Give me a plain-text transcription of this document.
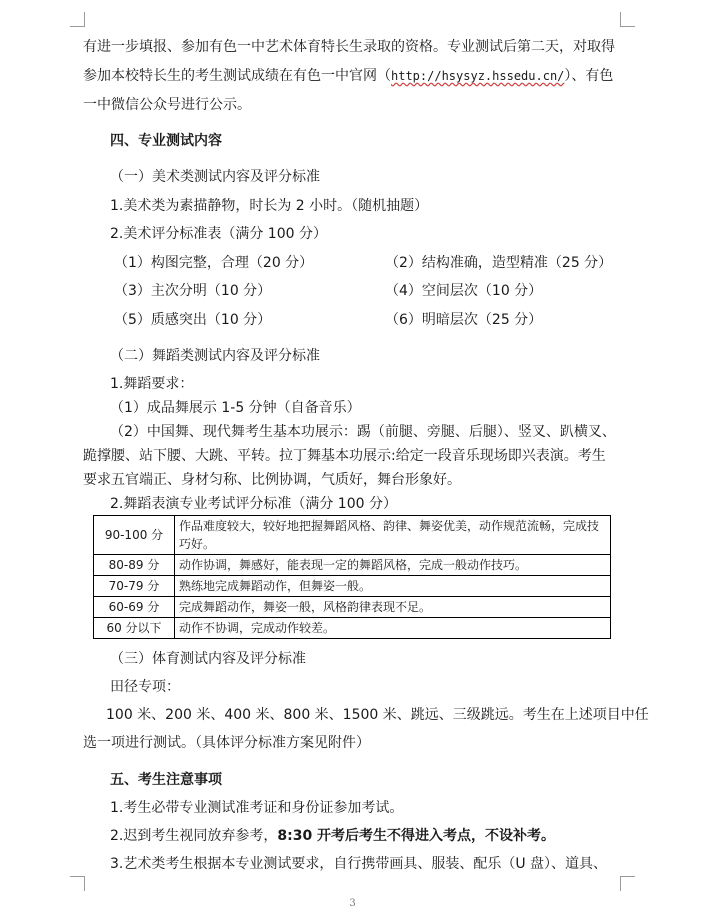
有进一步填报、参加有色一中艺术体育特长生录取的资格。专业测试后第二天，对取得
参加本校特长生的考生测试成绩在有色一中官网（http://hsysyz.hssedu.cn/）、有色
一中微信公众号进行公示。
四、专业测试内容
（一）美术类测试内容及评分标准
1.美术类为素描静物，时长为 2 小时。（随机抽题）
2.美术评分标准表（满分 100 分）
（1）构图完整，合理（20 分）	（2）结构准确，造型精准（25 分）
（3）主次分明（10 分）	（4）空间层次（10 分）
（5）质感突出（10 分）	（6）明暗层次（25 分）
（二）舞蹈类测试内容及评分标准
1.舞蹈要求：
（1）成品舞展示 1-5 分钟（自备音乐）
（2）中国舞、现代舞考生基本功展示：踢（前腿、旁腿、后腿）、竖叉、趴横叉、
跪撑腰、站下腰、大跳、平转。拉丁舞基本功展示:给定一段音乐现场即兴表演。考生
要求五官端正、身材匀称、比例协调，气质好，舞台形象好。
2.舞蹈表演专业考试评分标准（满分 100 分）
90-100 分	作品难度较大，较好地把握舞蹈风格、韵律、舞姿优美，动作规范流畅，完成技巧好。
80-89 分	动作协调，舞感好，能表现一定的舞蹈风格，完成一般动作技巧。
70-79 分	熟练地完成舞蹈动作，但舞姿一般。
60-69 分	完成舞蹈动作，舞姿一般，风格韵律表现不足。
60 分以下	动作不协调，完成动作较差。
（三）体育测试内容及评分标准
田径专项：
100 米、200 米、400 米、800 米、1500 米、跳远、三级跳远。考生在上述项目中任
选一项进行测试。（具体评分标准方案见附件）
五、考生注意事项
1.考生必带专业测试准考证和身份证参加考试。
2.迟到考生视同放弃参考，8:30 开考后考生不得进入考点，不设补考。
3.艺术类考生根据本专业测试要求，自行携带画具、服装、配乐（U 盘）、道具、
3
